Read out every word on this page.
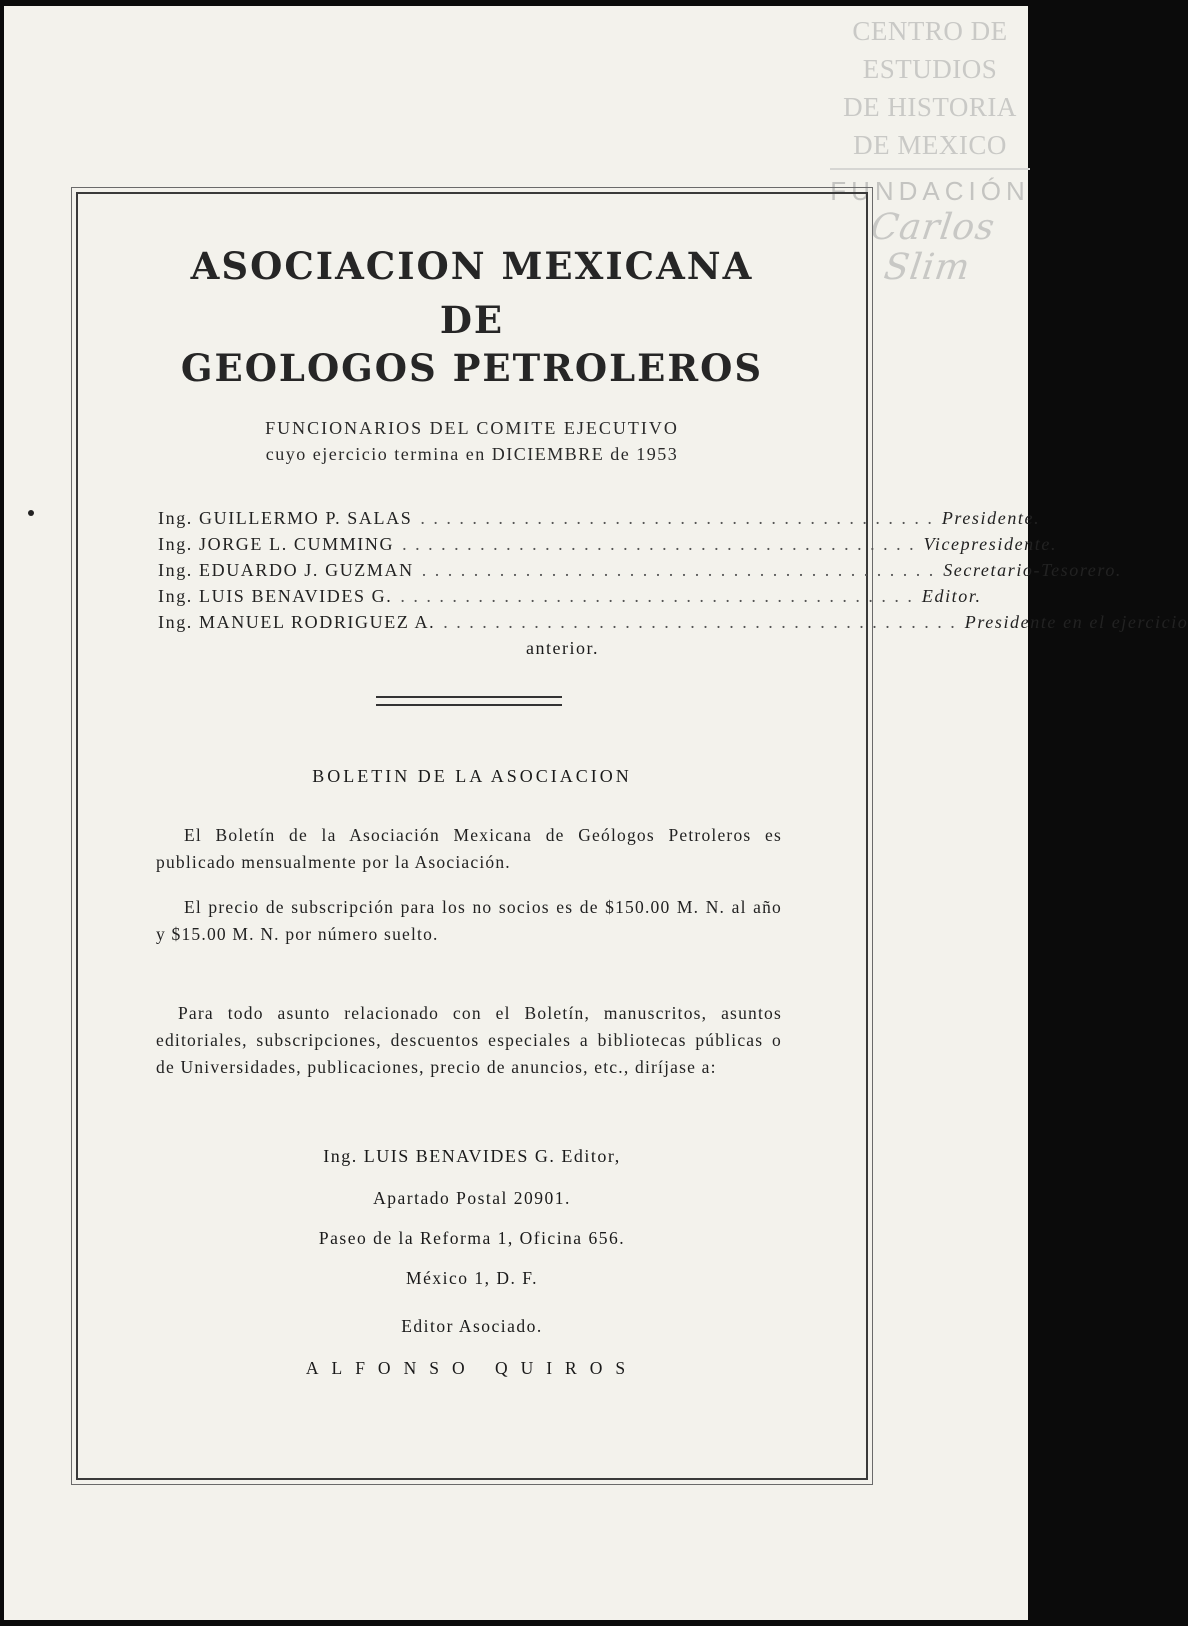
CENTRO DE
ESTUDIOS
DE HISTORIA
DE MEXICO
FUNDACIÓN
Carlos Slim
ASOCIACION MEXICANA
DE
GEOLOGOS PETROLEROS
FUNCIONARIOS DEL COMITE EJECUTIVO
cuyo ejercicio termina en DICIEMBRE de 1953
Ing. GUILLERMO P. SALAS . . . . . . . . . . . . . . . . . . . . . . . . . . . . . . . . . . . . . . . . Presidente.
Ing. JORGE L. CUMMING . . . . . . . . . . . . . . . . . . . . . . . . . . . . . . . . . . . . . . . . Vicepresidente.
Ing. EDUARDO J. GUZMAN . . . . . . . . . . . . . . . . . . . . . . . . . . . . . . . . . . . . . . . . Secretario-Tesorero.
Ing. LUIS BENAVIDES G. . . . . . . . . . . . . . . . . . . . . . . . . . . . . . . . . . . . . . . . . Editor.
Ing. MANUEL RODRIGUEZ A. . . . . . . . . . . . . . . . . . . . . . . . . . . . . . . . . . . . . . . . . Presidente en el ejercicio
anterior.
BOLETIN DE LA ASOCIACION
El Boletín de la Asociación Mexicana de Geólogos Petroleros es publicado mensualmente por la Asociación.
El precio de subscripción para los no socios es de $150.00 M. N. al año y $15.00 M. N. por número suelto.
Para todo asunto relacionado con el Boletín, manuscritos, asuntos editoriales, subscripciones, descuentos especiales a bibliotecas públicas o de Universidades, publicaciones, precio de anuncios, etc., diríjase a:
Ing. LUIS BENAVIDES G. Editor,
Apartado Postal 20901.
Paseo de la Reforma 1, Oficina 656.
México 1, D. F.
Editor Asociado.
ALFONSO QUIROS
